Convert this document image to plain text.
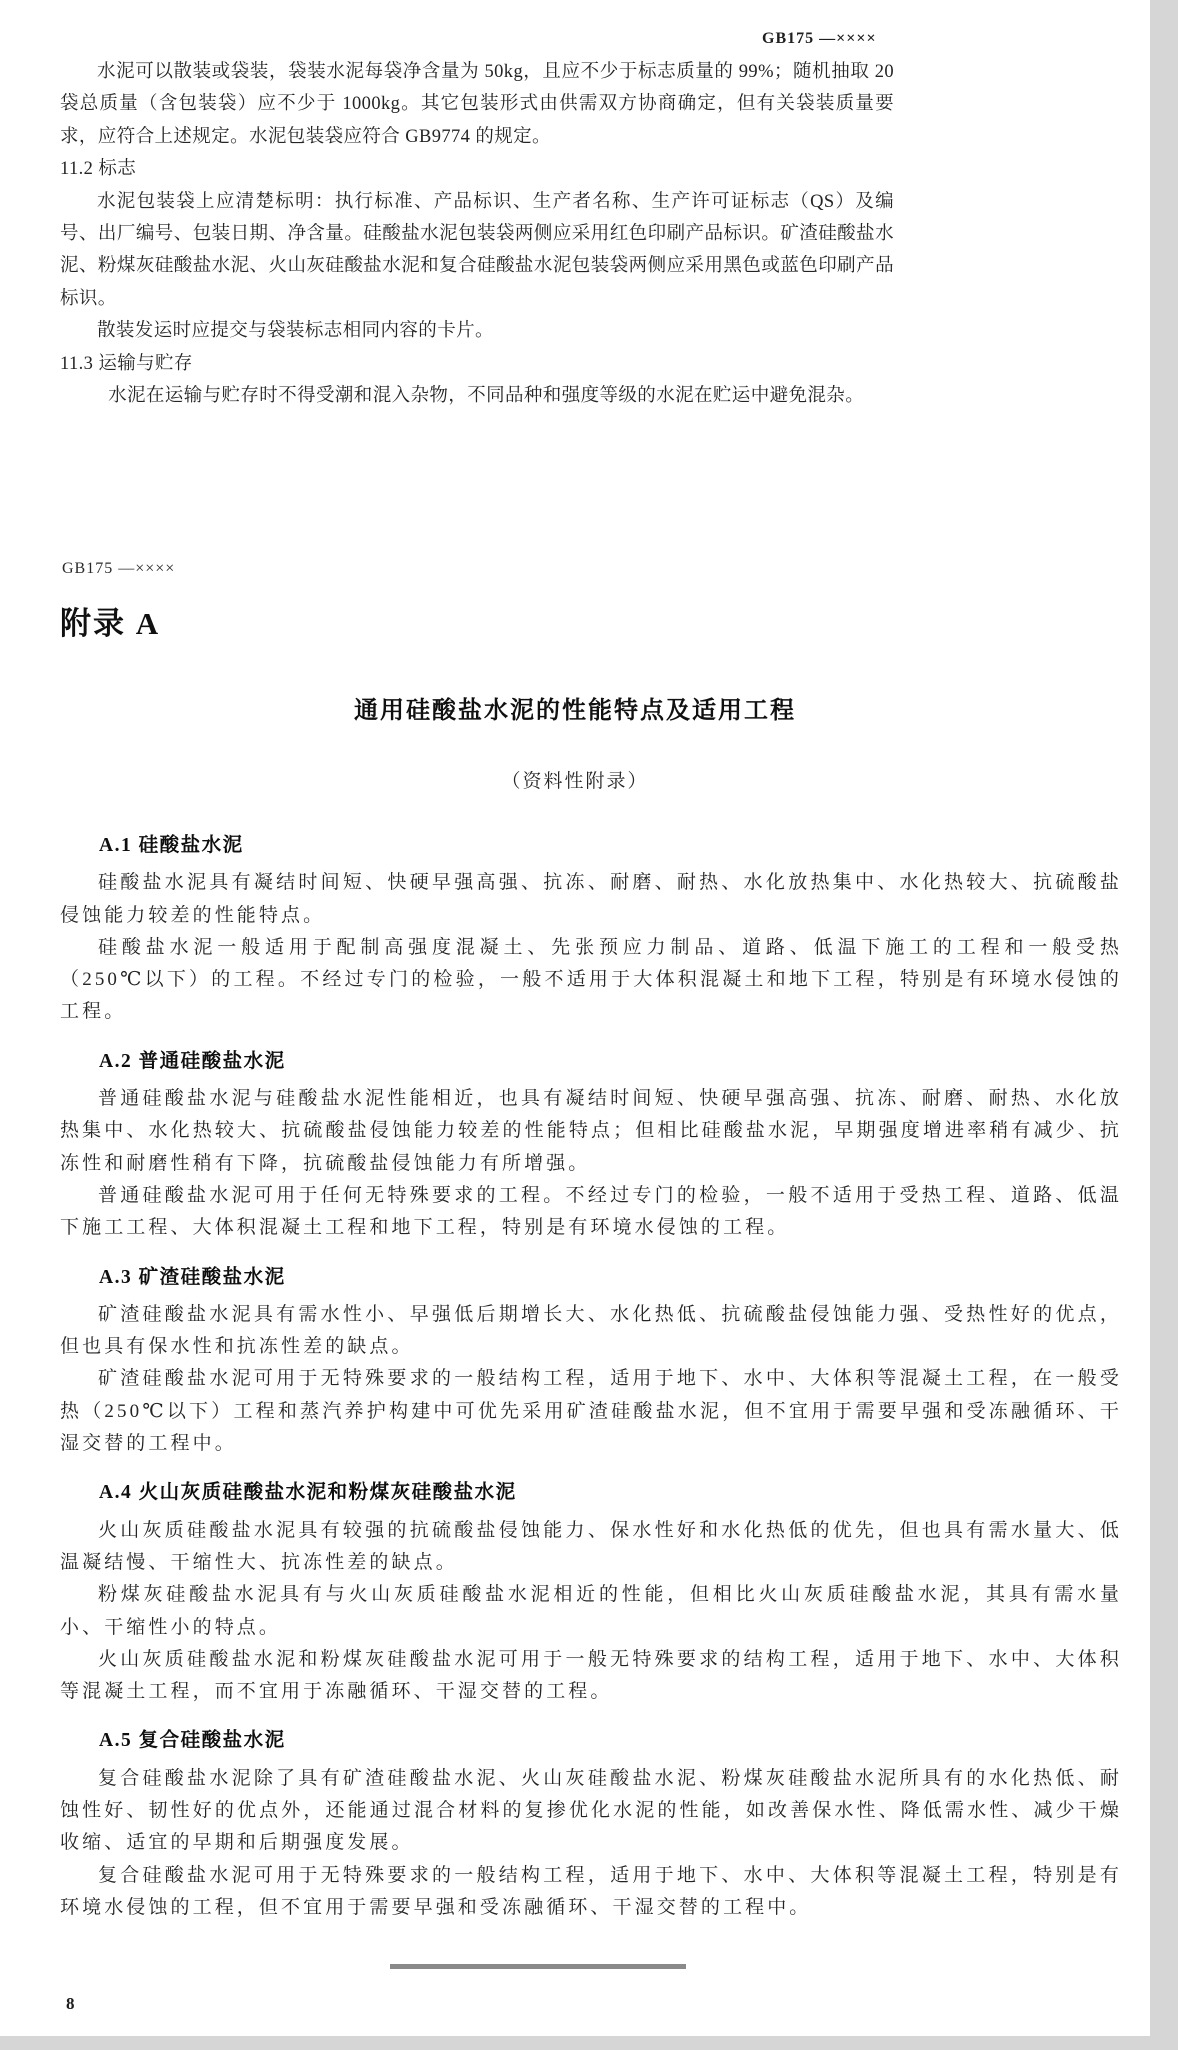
GB175 —××××

水泥可以散装或袋装，袋装水泥每袋净含量为 50kg，且应不少于标志质量的 99%；随机抽取 20 袋总质量（含包装袋）应不少于 1000kg。其它包装形式由供需双方协商确定，但有关袋装质量要求，应符合上述规定。水泥包装袋应符合 GB9774 的规定。

11.2 标志

水泥包装袋上应清楚标明：执行标准、产品标识、生产者名称、生产许可证标志（QS）及编号、出厂编号、包装日期、净含量。硅酸盐水泥包装袋两侧应采用红色印刷产品标识。矿渣硅酸盐水泥、粉煤灰硅酸盐水泥、火山灰硅酸盐水泥和复合硅酸盐水泥包装袋两侧应采用黑色或蓝色印刷产品标识。

散装发运时应提交与袋装标志相同内容的卡片。

11.3 运输与贮存

水泥在运输与贮存时不得受潮和混入杂物，不同品种和强度等级的水泥在贮运中避免混杂。

GB175 —××××
附录 A
通用硅酸盐水泥的性能特点及适用工程
（资料性附录）

A.1 硅酸盐水泥

硅酸盐水泥具有凝结时间短、快硬早强高强、抗冻、耐磨、耐热、水化放热集中、水化热较大、抗硫酸盐侵蚀能力较差的性能特点。

硅酸盐水泥一般适用于配制高强度混凝土、先张预应力制品、道路、低温下施工的工程和一般受热（250℃以下）的工程。不经过专门的检验，一般不适用于大体积混凝土和地下工程，特别是有环境水侵蚀的工程。

A.2 普通硅酸盐水泥

普通硅酸盐水泥与硅酸盐水泥性能相近，也具有凝结时间短、快硬早强高强、抗冻、耐磨、耐热、水化放热集中、水化热较大、抗硫酸盐侵蚀能力较差的性能特点；但相比硅酸盐水泥，早期强度增进率稍有减少、抗冻性和耐磨性稍有下降，抗硫酸盐侵蚀能力有所增强。

普通硅酸盐水泥可用于任何无特殊要求的工程。不经过专门的检验，一般不适用于受热工程、道路、低温下施工工程、大体积混凝土工程和地下工程，特别是有环境水侵蚀的工程。

A.3 矿渣硅酸盐水泥

矿渣硅酸盐水泥具有需水性小、早强低后期增长大、水化热低、抗硫酸盐侵蚀能力强、受热性好的优点，但也具有保水性和抗冻性差的缺点。

矿渣硅酸盐水泥可用于无特殊要求的一般结构工程，适用于地下、水中、大体积等混凝土工程，在一般受热（250℃以下）工程和蒸汽养护构建中可优先采用矿渣硅酸盐水泥，但不宜用于需要早强和受冻融循环、干湿交替的工程中。

A.4 火山灰质硅酸盐水泥和粉煤灰硅酸盐水泥

火山灰质硅酸盐水泥具有较强的抗硫酸盐侵蚀能力、保水性好和水化热低的优先，但也具有需水量大、低温凝结慢、干缩性大、抗冻性差的缺点。

粉煤灰硅酸盐水泥具有与火山灰质硅酸盐水泥相近的性能，但相比火山灰质硅酸盐水泥，其具有需水量小、干缩性小的特点。

火山灰质硅酸盐水泥和粉煤灰硅酸盐水泥可用于一般无特殊要求的结构工程，适用于地下、水中、大体积等混凝土工程，而不宜用于冻融循环、干湿交替的工程。

A.5 复合硅酸盐水泥

复合硅酸盐水泥除了具有矿渣硅酸盐水泥、火山灰硅酸盐水泥、粉煤灰硅酸盐水泥所具有的水化热低、耐蚀性好、韧性好的优点外，还能通过混合材料的复掺优化水泥的性能，如改善保水性、降低需水性、减少干燥收缩、适宜的早期和后期强度发展。

复合硅酸盐水泥可用于无特殊要求的一般结构工程，适用于地下、水中、大体积等混凝土工程，特别是有环境水侵蚀的工程，但不宜用于需要早强和受冻融循环、干湿交替的工程中。

8
